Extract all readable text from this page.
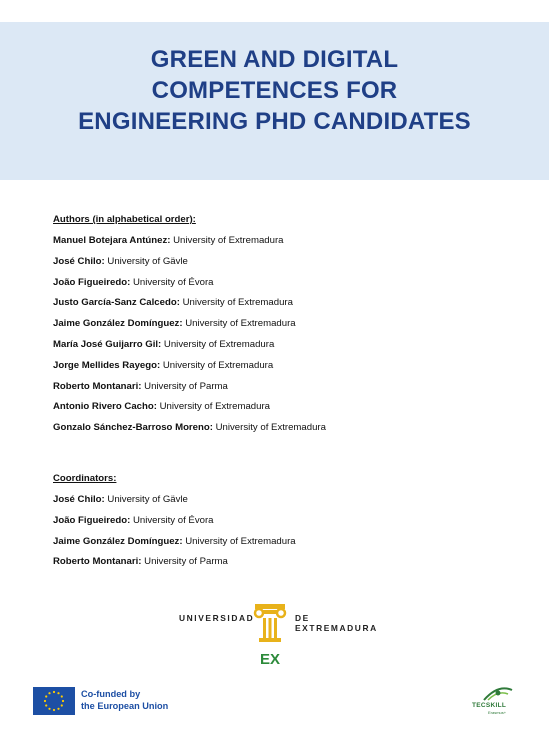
GREEN AND DIGITAL
COMPETENCES FOR
ENGINEERING PHD CANDIDATES
Authors (in alphabetical order):
Manuel Botejara Antúnez: University of Extremadura
José Chilo: University of Gävle
João Figueiredo: University of Évora
Justo García-Sanz Calcedo: University of Extremadura
Jaime González Domínguez: University of Extremadura
María José Guijarro Gil: University of Extremadura
Jorge Mellides Rayego: University of Extremadura
Roberto Montanari: University of Parma
Antonio Rivero Cacho: University of Extremadura
Gonzalo Sánchez-Barroso Moreno: University of Extremadura
Coordinators:
José Chilo: University of Gävle
João Figueiredo: University of Évora
Jaime González Domínguez: University of Extremadura
Roberto Montanari: University of Parma
UNIVERSIDAD
EX
DE EXTREMADURA
Co-funded by
the European Union	TECSKILL
Erasmus+
